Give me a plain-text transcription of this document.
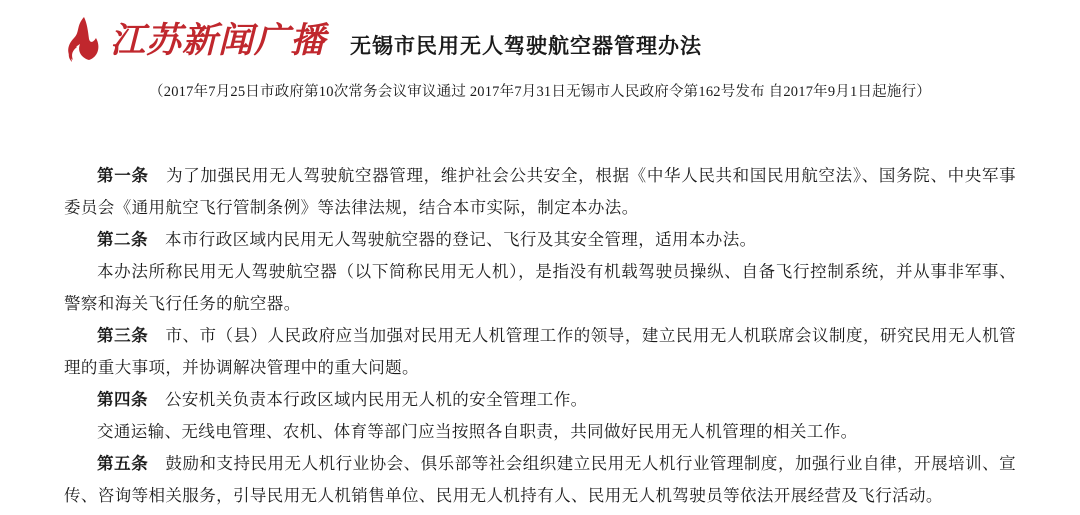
江苏新闻广播 无锡市民用无人驾驶航空器管理办法
（2017年7月25日市政府第10次常务会议审议通过 2017年7月31日无锡市人民政府令第162号发布 自2017年9月1日起施行）

第一条 为了加强民用无人驾驶航空器管理，维护社会公共安全，根据《中华人民共和国民用航空法》、国务院、中央军事委员会《通用航空飞行管制条例》等法律法规，结合本市实际，制定本办法。

第二条 本市行政区域内民用无人驾驶航空器的登记、飞行及其安全管理，适用本办法。

本办法所称民用无人驾驶航空器（以下简称民用无人机），是指没有机载驾驶员操纵、自备飞行控制系统，并从事非军事、警察和海关飞行任务的航空器。

第三条 市、市（县）人民政府应当加强对民用无人机管理工作的领导，建立民用无人机联席会议制度，研究民用无人机管理的重大事项，并协调解决管理中的重大问题。

第四条 公安机关负责本行政区域内民用无人机的安全管理工作。

交通运输、无线电管理、农机、体育等部门应当按照各自职责，共同做好民用无人机管理的相关工作。

第五条 鼓励和支持民用无人机行业协会、俱乐部等社会组织建立民用无人机行业管理制度，加强行业自律，开展培训、宣传、咨询等相关服务，引导民用无人机销售单位、民用无人机持有人、民用无人机驾驶员等依法开展经营及飞行活动。
